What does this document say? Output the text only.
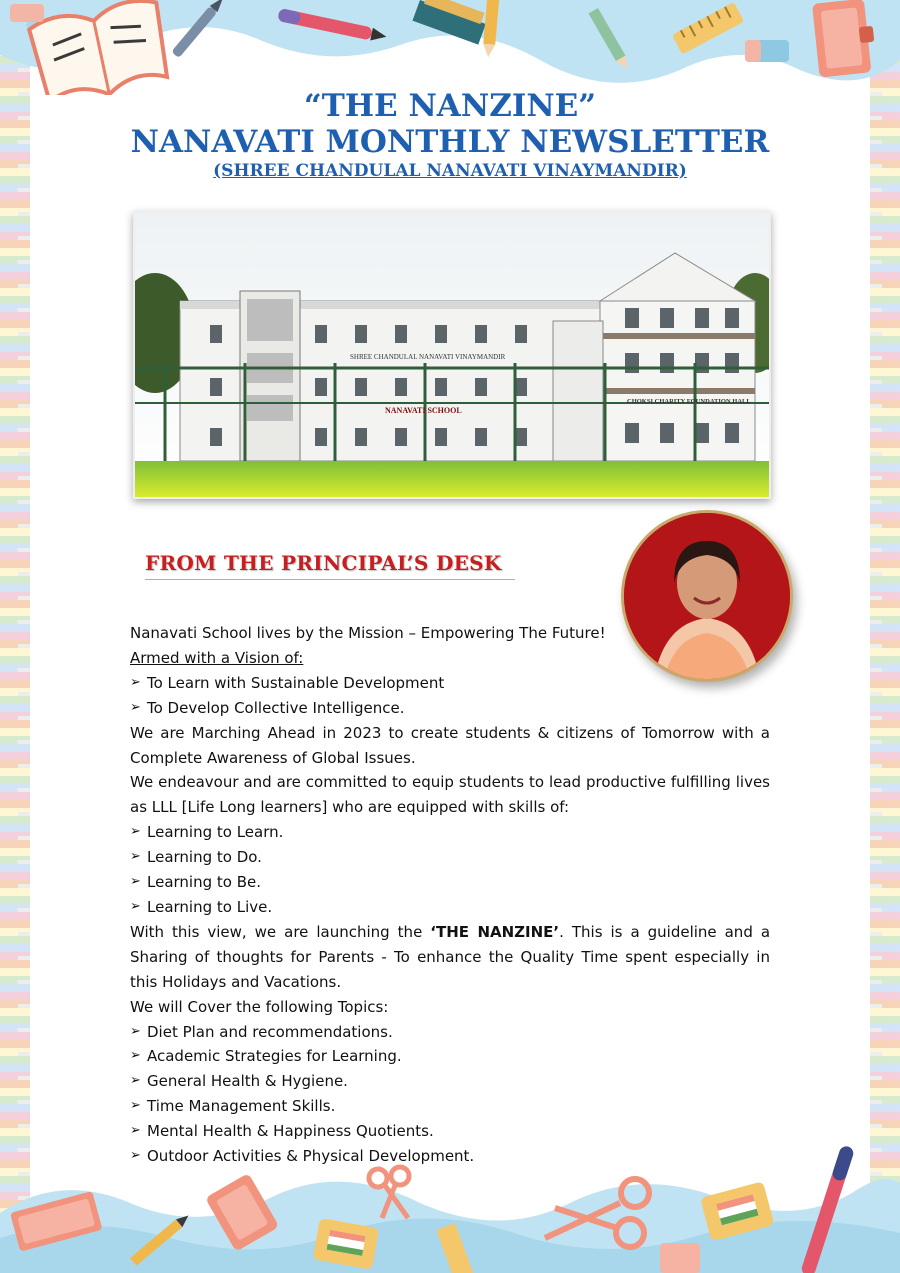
“THE NANZINE”
NANAVATI MONTHLY NEWSLETTER
(SHREE CHANDULAL NANAVATI VINAYMANDIR)
SHREE CHANDULAL NANAVATI VINAYMANDIR
NANAVATI SCHOOL
CHOKSI CHARITY FOUNDATION HALL
FROM THE PRINCIPAL’S DESK

Nanavati School lives by the Mission – Empowering The Future!

Armed with a Vision of:

➢ To Learn with Sustainable Development
➢ To Develop Collective Intelligence.

We are Marching Ahead in 2023 to create students & citizens of Tomorrow with a Complete Awareness of Global Issues.

We endeavour and are committed to equip students to lead productive fulfilling lives as LLL [Life Long learners] who are equipped with skills of:

➢ Learning to Learn.
➢ Learning to Do.
➢ Learning to Be.
➢ Learning to Live.

With this view, we are launching the ‘THE NANZINE’. This is a guideline and a Sharing of thoughts for Parents - To enhance the Quality Time spent especially in this Holidays and Vacations.

We will Cover the following Topics:

➢ Diet Plan and recommendations.
➢ Academic Strategies for Learning.
➢ General Health & Hygiene.
➢ Time Management Skills.
➢ Mental Health & Happiness Quotients.
➢ Outdoor Activities & Physical Development.
